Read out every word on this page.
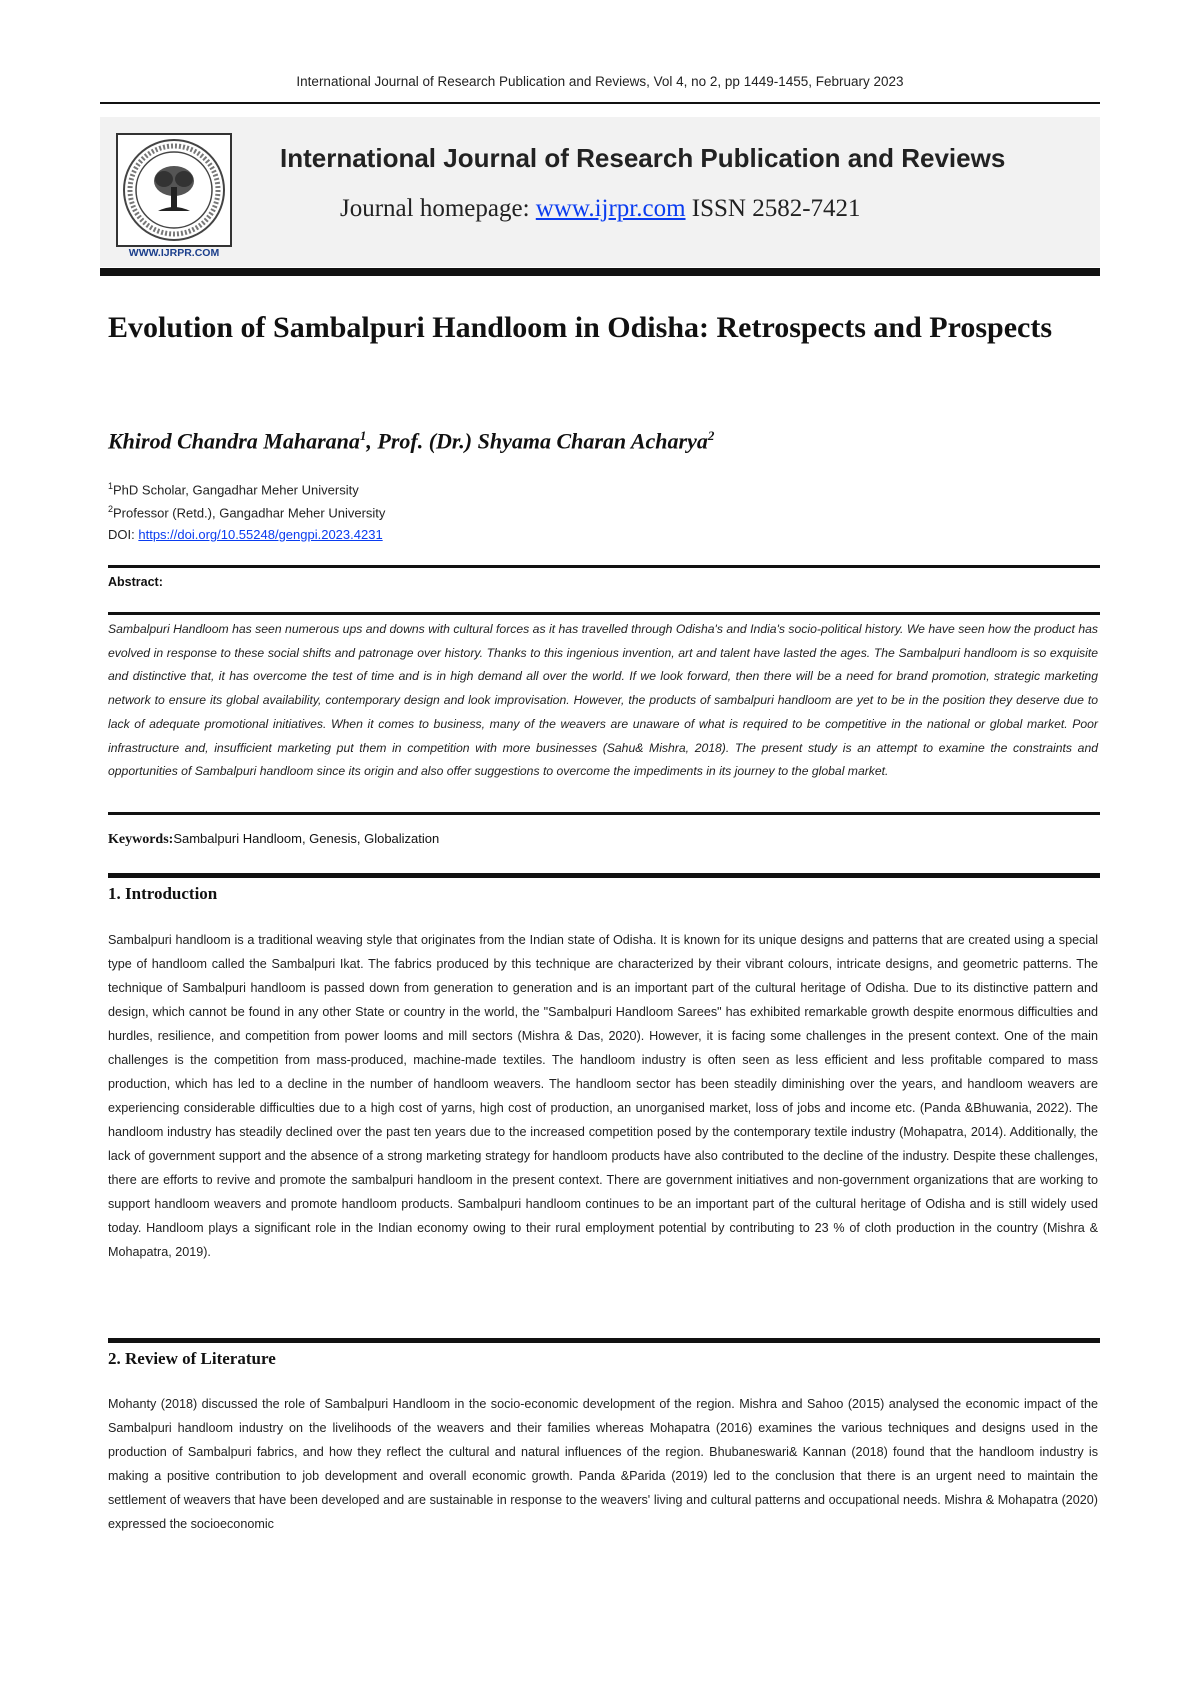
International Journal of Research Publication and Reviews, Vol 4, no 2, pp 1449-1455, February 2023
WWW.IJRPR.COM
International Journal of Research Publication and Reviews
Journal homepage: www.ijrpr.com ISSN 2582-7421
Evolution of Sambalpuri Handloom in Odisha: Retrospects and Prospects
Khirod Chandra Maharana$^1$, Prof. (Dr.) Shyama Charan Acharya$^2$
$^1$PhD Scholar, Gangadhar Meher University
$^2$Professor (Retd.), Gangadhar Meher University
DOI: https://doi.org/10.55248/gengpi.2023.4231
Abstract:
Sambalpuri Handloom has seen numerous ups and downs with cultural forces as it has travelled through Odisha's and India's socio-political history. We have seen how the product has evolved in response to these social shifts and patronage over history. Thanks to this ingenious invention, art and talent have lasted the ages. The Sambalpuri handloom is so exquisite and distinctive that, it has overcome the test of time and is in high demand all over the world. If we look forward, then there will be a need for brand promotion, strategic marketing network to ensure its global availability, contemporary design and look improvisation. However, the products of sambalpuri handloom are yet to be in the position they deserve due to lack of adequate promotional initiatives. When it comes to business, many of the weavers are unaware of what is required to be competitive in the national or global market. Poor infrastructure and, insufficient marketing put them in competition with more businesses (Sahu& Mishra, 2018). The present study is an attempt to examine the constraints and opportunities of Sambalpuri handloom since its origin and also offer suggestions to overcome the impediments in its journey to the global market.
Keywords:Sambalpuri Handloom, Genesis, Globalization
1. Introduction
Sambalpuri handloom is a traditional weaving style that originates from the Indian state of Odisha. It is known for its unique designs and patterns that are created using a special type of handloom called the Sambalpuri Ikat. The fabrics produced by this technique are characterized by their vibrant colours, intricate designs, and geometric patterns. The technique of Sambalpuri handloom is passed down from generation to generation and is an important part of the cultural heritage of Odisha. Due to its distinctive pattern and design, which cannot be found in any other State or country in the world, the "Sambalpuri Handloom Sarees" has exhibited remarkable growth despite enormous difficulties and hurdles, resilience, and competition from power looms and mill sectors (Mishra & Das, 2020). However, it is facing some challenges in the present context. One of the main challenges is the competition from mass-produced, machine-made textiles. The handloom industry is often seen as less efficient and less profitable compared to mass production, which has led to a decline in the number of handloom weavers. The handloom sector has been steadily diminishing over the years, and handloom weavers are experiencing considerable difficulties due to a high cost of yarns, high cost of production, an unorganised market, loss of jobs and income etc. (Panda &Bhuwania, 2022). The handloom industry has steadily declined over the past ten years due to the increased competition posed by the contemporary textile industry (Mohapatra, 2014). Additionally, the lack of government support and the absence of a strong marketing strategy for handloom products have also contributed to the decline of the industry. Despite these challenges, there are efforts to revive and promote the sambalpuri handloom in the present context. There are government initiatives and non-government organizations that are working to support handloom weavers and promote handloom products. Sambalpuri handloom continues to be an important part of the cultural heritage of Odisha and is still widely used today. Handloom plays a significant role in the Indian economy owing to their rural employment potential by contributing to 23 % of cloth production in the country (Mishra & Mohapatra, 2019).
2. Review of Literature
Mohanty (2018) discussed the role of Sambalpuri Handloom in the socio-economic development of the region. Mishra and Sahoo (2015) analysed the economic impact of the Sambalpuri handloom industry on the livelihoods of the weavers and their families whereas Mohapatra (2016) examines the various techniques and designs used in the production of Sambalpuri fabrics, and how they reflect the cultural and natural influences of the region. Bhubaneswari& Kannan (2018) found that the handloom industry is making a positive contribution to job development and overall economic growth. Panda &Parida (2019) led to the conclusion that there is an urgent need to maintain the settlement of weavers that have been developed and are sustainable in response to the weavers' living and cultural patterns and occupational needs. Mishra & Mohapatra (2020) expressed the socioeconomic
